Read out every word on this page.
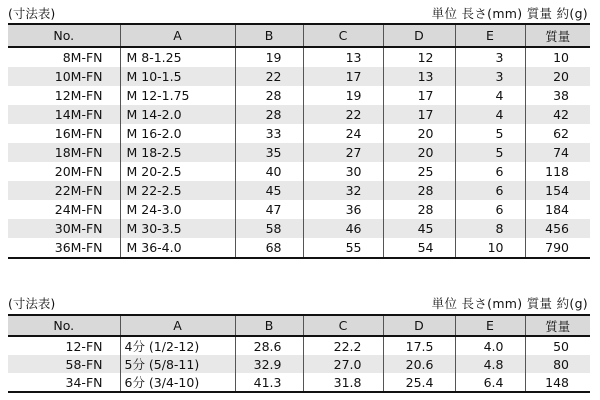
(寸法表)	単位 長さ(mm) 質量 約(g)
No.	A	B	C	D	E	質量
8M-FN	M 8-1.25	19	13	12	3	10
10M-FN	M 10-1.5	22	17	13	3	20
12M-FN	M 12-1.75	28	19	17	4	38
14M-FN	M 14-2.0	28	22	17	4	42
16M-FN	M 16-2.0	33	24	20	5	62
18M-FN	M 18-2.5	35	27	20	5	74
20M-FN	M 20-2.5	40	30	25	6	118
22M-FN	M 22-2.5	45	32	28	6	154
24M-FN	M 24-3.0	47	36	28	6	184
30M-FN	M 30-3.5	58	46	45	8	456
36M-FN	M 36-4.0	68	55	54	10	790
(寸法表)	単位 長さ(mm) 質量 約(g)
No.	A	B	C	D	E	質量
12-FN	4分 (1/2-12)	28.6	22.2	17.5	4.0	50
58-FN	5分 (5/8-11)	32.9	27.0	20.6	4.8	80
34-FN	6分 (3/4-10)	41.3	31.8	25.4	6.4	148
